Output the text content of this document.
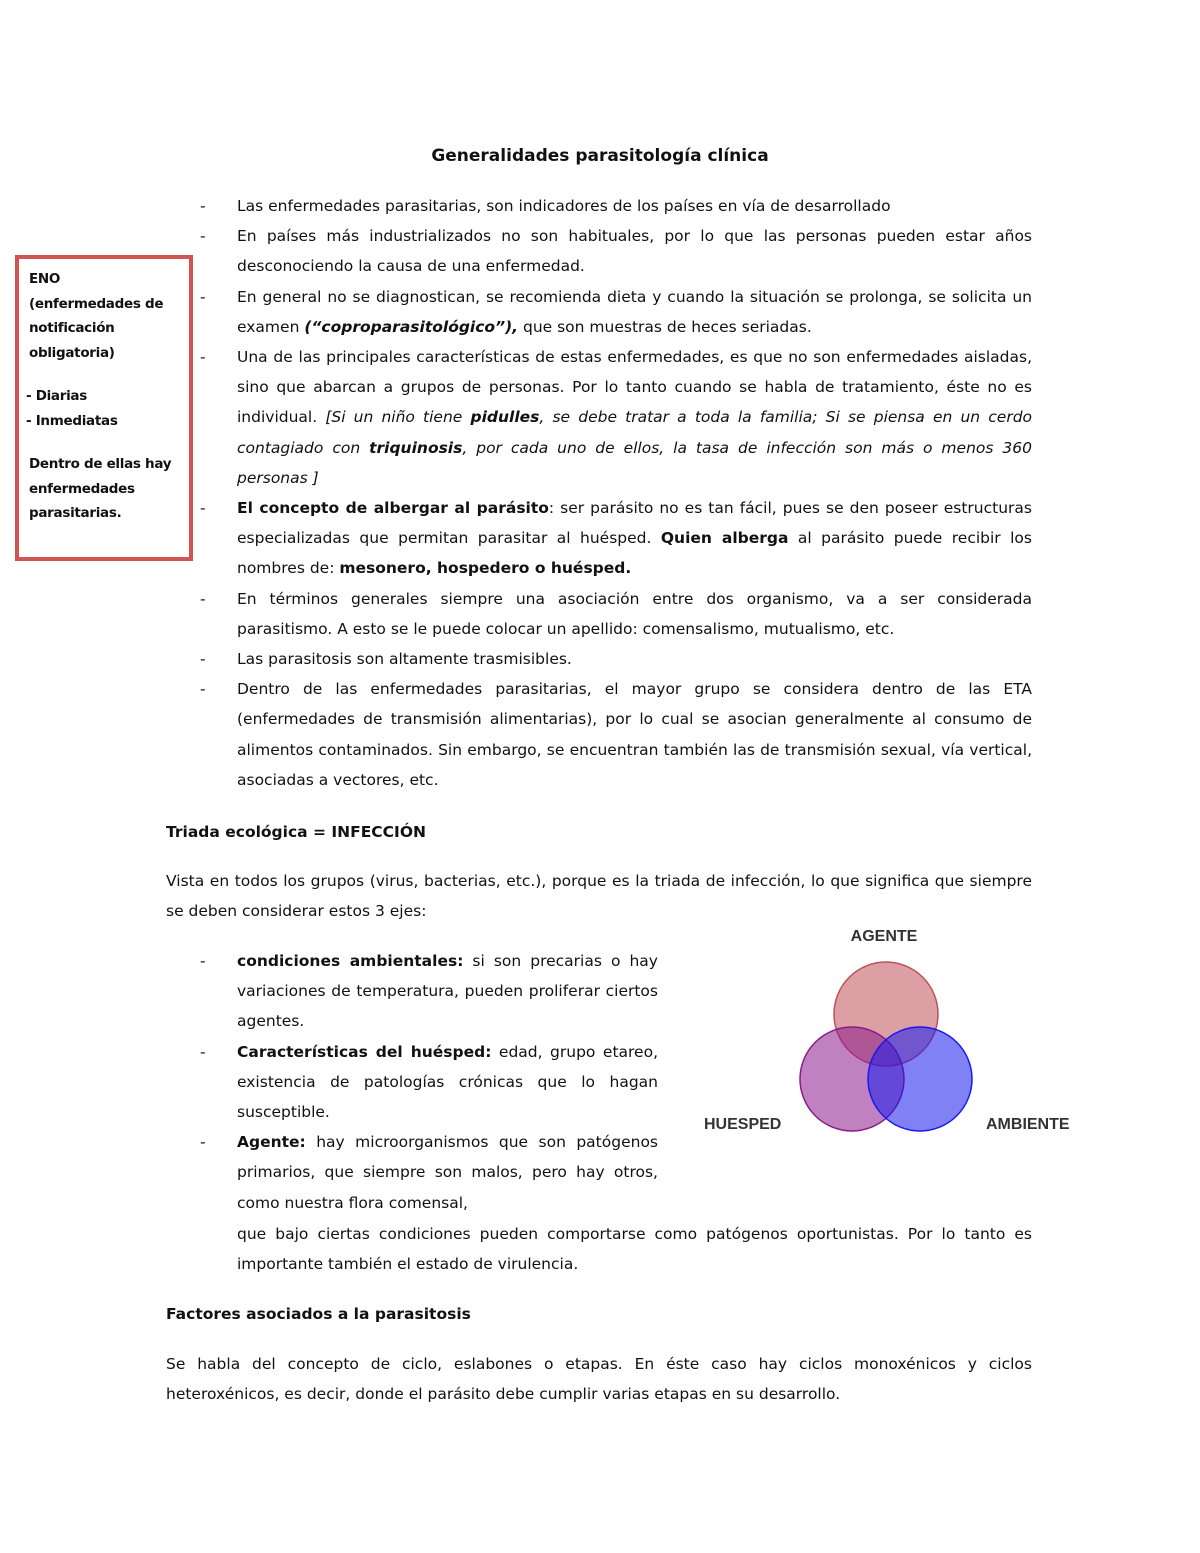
Generalidades parasitología clínica

ENO

(enfermedades de notificación obligatoria)

- Diarias

- Inmediatas

Dentro de ellas hay enfermedades parasitarias.

- Las enfermedades parasitarias, son indicadores de los países en vía de desarrollado
- En países más industrializados no son habituales, por lo que las personas pueden estar años desconociendo la causa de una enfermedad.
- En general no se diagnostican, se recomienda dieta y cuando la situación se prolonga, se solicita un examen (“coproparasitológico”), que son muestras de heces seriadas.
- Una de las principales características de estas enfermedades, es que no son enfermedades aisladas, sino que abarcan a grupos de personas. Por lo tanto cuando se habla de tratamiento, éste no es individual. [Si un niño tiene pidulles, se debe tratar a toda la familia; Si se piensa en un cerdo contagiado con triquinosis, por cada uno de ellos, la tasa de infección son más o menos 360 personas ]
- El concepto de albergar al parásito: ser parásito no es tan fácil, pues se den poseer estructuras especializadas que permitan parasitar al huésped. Quien alberga al parásito puede recibir los nombres de: mesonero, hospedero o huésped.
- En términos generales siempre una asociación entre dos organismo, va a ser considerada parasitismo. A esto se le puede colocar un apellido: comensalismo, mutualismo, etc.
- Las parasitosis son altamente trasmisibles.
- Dentro de las enfermedades parasitarias, el mayor grupo se considera dentro de las ETA (enfermedades de transmisión alimentarias), por lo cual se asocian generalmente al consumo de alimentos contaminados. Sin embargo, se encuentran también las de transmisión sexual, vía vertical, asociadas a vectores, etc.
Triada ecológica = INFECCIÓN
Vista en todos los grupos (virus, bacterias, etc.), porque es la triada de infección, lo que significa que siempre se deben considerar estos 3 ejes:
- condiciones ambientales: si son precarias o hay variaciones de temperatura, pueden proliferar ciertos agentes.
- Características del huésped: edad, grupo etareo, existencia de patologías crónicas que lo hagan susceptible.
- Agente: hay microorganismos que son patógenos primarios, que siempre son malos, pero hay otros, como nuestra flora comensal,
que bajo ciertas condiciones pueden comportarse como patógenos oportunistas. Por lo tanto es importante también el estado de virulencia.
AGENTE
HUESPED	AMBIENTE
Factores asociados a la parasitosis
Se habla del concepto de ciclo, eslabones o etapas. En éste caso hay ciclos monoxénicos y ciclos heteroxénicos, es decir, donde el parásito debe cumplir varias etapas en su desarrollo.
